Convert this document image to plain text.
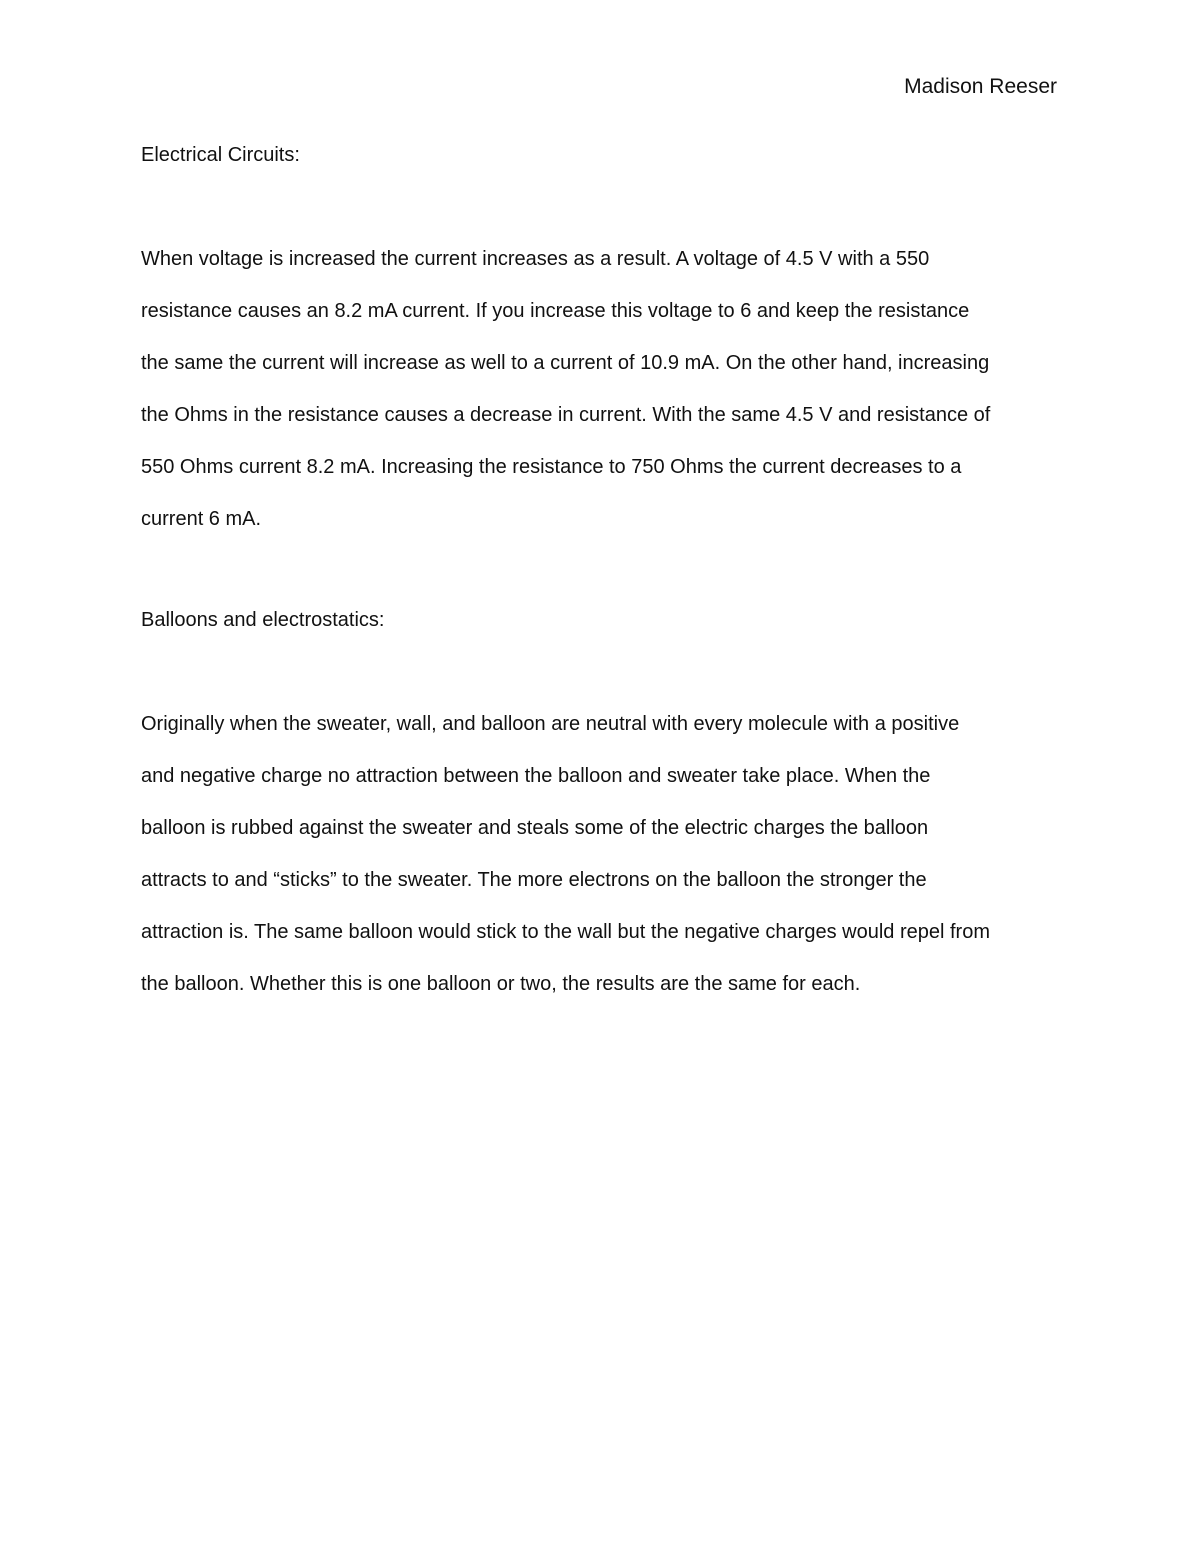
Madison Reeser
Electrical Circuits:
When voltage is increased the current increases as a result. A voltage of 4.5 V with a 550
resistance causes an 8.2 mA current. If you increase this voltage to 6 and keep the resistance
the same the current will increase as well to a current of 10.9 mA. On the other hand, increasing
the Ohms in the resistance causes a decrease in current. With the same 4.5 V and resistance of
550 Ohms current 8.2 mA. Increasing the resistance to 750 Ohms the current decreases to a
current 6 mA.
Balloons and electrostatics:
Originally when the sweater, wall, and balloon are neutral with every molecule with a positive
and negative charge no attraction between the balloon and sweater take place. When the
balloon is rubbed against the sweater and steals some of the electric charges the balloon
attracts to and “sticks” to the sweater. The more electrons on the balloon the stronger the
attraction is. The same balloon would stick to the wall but the negative charges would repel from
the balloon. Whether this is one balloon or two, the results are the same for each.
